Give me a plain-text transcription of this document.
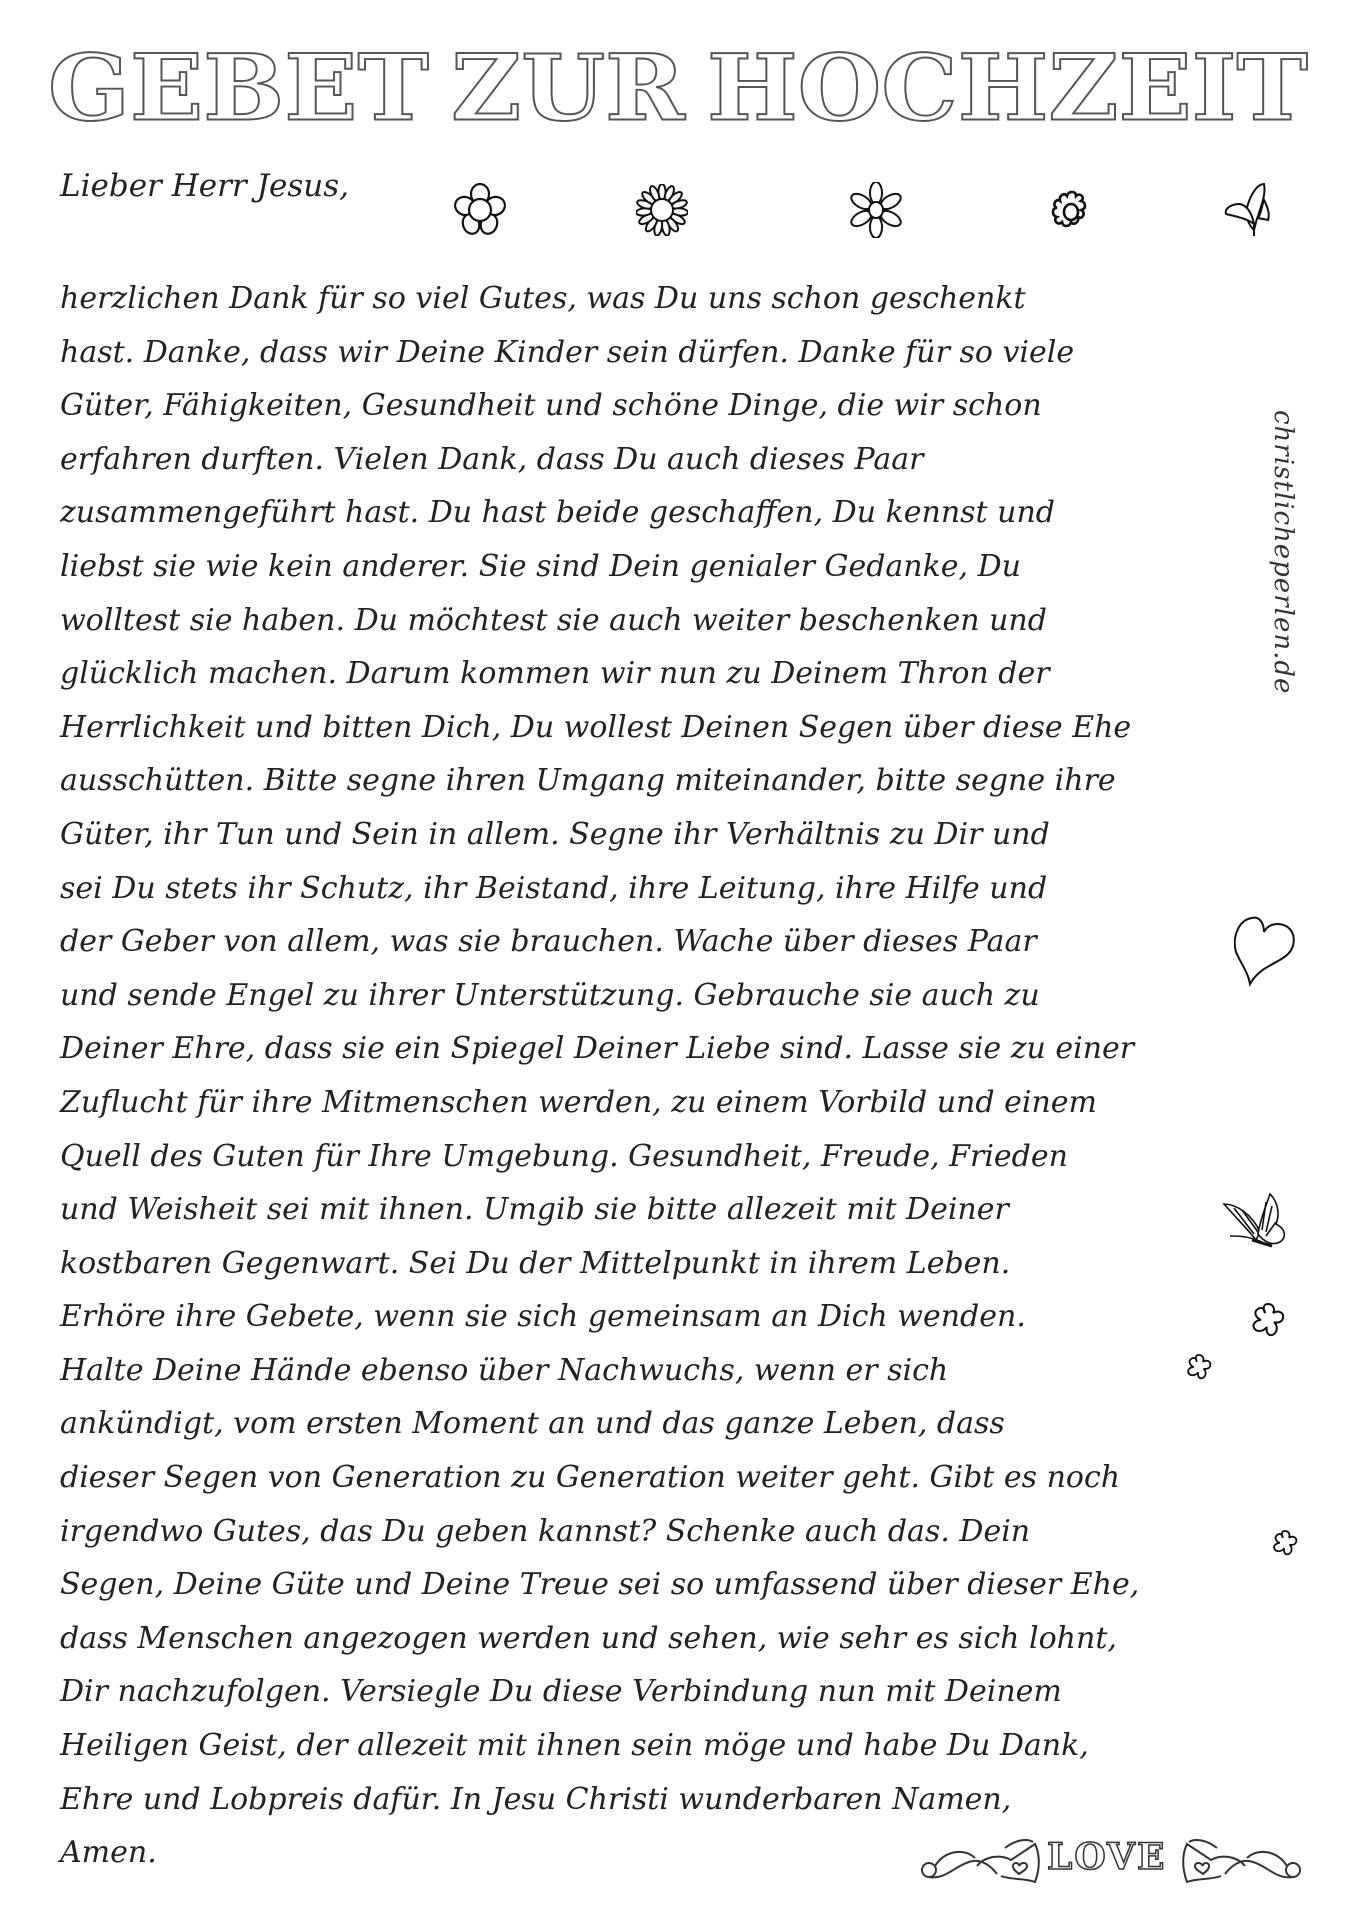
GEBET ZUR HOCHZEIT
Lieber Herr Jesus,
herzlichen Dank für so viel Gutes, was Du uns schon geschenkt
hast. Danke, dass wir Deine Kinder sein dürfen. Danke für so viele
Güter, Fähigkeiten, Gesundheit und schöne Dinge, die wir schon
erfahren durften. Vielen Dank, dass Du auch dieses Paar
zusammengeführt hast. Du hast beide geschaffen, Du kennst und
liebst sie wie kein anderer. Sie sind Dein genialer Gedanke, Du
wolltest sie haben. Du möchtest sie auch weiter beschenken und
glücklich machen. Darum kommen wir nun zu Deinem Thron der
Herrlichkeit und bitten Dich, Du wollest Deinen Segen über diese Ehe
ausschütten. Bitte segne ihren Umgang miteinander, bitte segne ihre
Güter, ihr Tun und Sein in allem. Segne ihr Verhältnis zu Dir und
sei Du stets ihr Schutz, ihr Beistand, ihre Leitung, ihre Hilfe und
der Geber von allem, was sie brauchen. Wache über dieses Paar
und sende Engel zu ihrer Unterstützung. Gebrauche sie auch zu
Deiner Ehre, dass sie ein Spiegel Deiner Liebe sind. Lasse sie zu einer
Zuflucht für ihre Mitmenschen werden, zu einem Vorbild und einem
Quell des Guten für Ihre Umgebung. Gesundheit, Freude, Frieden
und Weisheit sei mit ihnen. Umgib sie bitte allezeit mit Deiner
kostbaren Gegenwart. Sei Du der Mittelpunkt in ihrem Leben.
Erhöre ihre Gebete, wenn sie sich gemeinsam an Dich wenden.
Halte Deine Hände ebenso über Nachwuchs, wenn er sich
ankündigt, vom ersten Moment an und das ganze Leben, dass
dieser Segen von Generation zu Generation weiter geht. Gibt es noch
irgendwo Gutes, das Du geben kannst? Schenke auch das. Dein
Segen, Deine Güte und Deine Treue sei so umfassend über dieser Ehe,
dass Menschen angezogen werden und sehen, wie sehr es sich lohnt,
Dir nachzufolgen. Versiegle Du diese Verbindung nun mit Deinem
Heiligen Geist, der allezeit mit ihnen sein möge und habe Du Dank,
Ehre und Lobpreis dafür. In Jesu Christi wunderbaren Namen,
Amen.
christlicheperlen.de
LOVE
